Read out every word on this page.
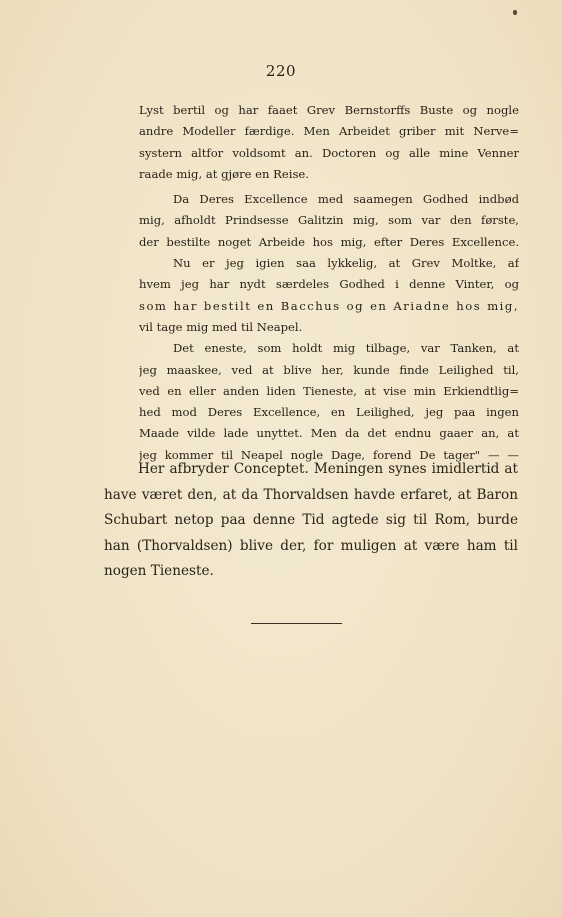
220
Lyst bertil og har faaet Grev Bernstorffs Buste og nogle
andre Modeller færdige. Men Arbeidet griber mit Nerve=
systern altfor voldsomt an. Doctoren og alle mine Venner
raade mig, at gjøre en Reise.
Da Deres Excellence med saamegen Godhed indbød
mig, afholdt Prindsesse Galitzin mig, som var den første,
der bestilte noget Arbeide hos mig, efter Deres Excellence.
Nu er jeg igien saa lykkelig, at Grev Moltke, af
hvem jeg har nydt særdeles Godhed i denne Vinter, og
som har bestilt en Bacchus og en Ariadne hos mig,
vil tage mig med til Neapel.
Det eneste, som holdt mig tilbage, var Tanken, at
jeg maaskee, ved at blive her, kunde finde Leilighed til,
ved en eller anden liden Tieneste, at vise min Erkiendtlig=
hed mod Deres Excellence, en Leilighed, jeg paa ingen
Maade vilde lade unyttet. Men da det endnu gaaer an, at
jeg kommer til Neapel nogle Dage, forend De tager" — —
Her afbryder Conceptet. Meningen synes imidlertid at
have været den, at da Thorvaldsen havde erfaret, at Baron
Schubart netop paa denne Tid agtede sig til Rom, burde
han (Thorvaldsen) blive der, for muligen at være ham til
nogen Tieneste.
